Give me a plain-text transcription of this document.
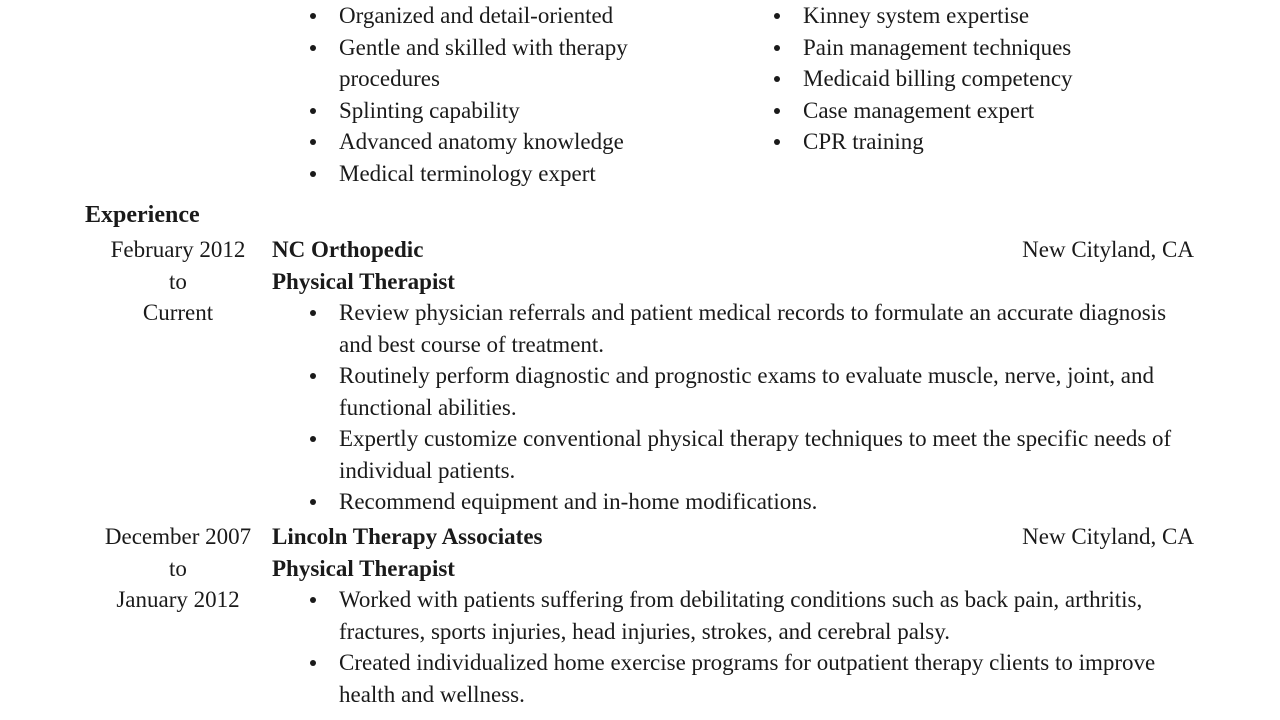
Organized and detail-oriented
Gentle and skilled with therapy procedures
Splinting capability
Advanced anatomy knowledge
Medical terminology expert
Kinney system expertise
Pain management techniques
Medicaid billing competency
Case management expert
CPR training
Experience
February 2012
to
Current
NC Orthopedic	New Cityland, CA
Physical Therapist
Review physician referrals and patient medical records to formulate an accurate diagnosis and best course of treatment.
Routinely perform diagnostic and prognostic exams to evaluate muscle, nerve, joint, and functional abilities.
Expertly customize conventional physical therapy techniques to meet the specific needs of individual patients.
Recommend equipment and in-home modifications.
December 2007
to
January 2012
Lincoln Therapy Associates	New Cityland, CA
Physical Therapist
Worked with patients suffering from debilitating conditions such as back pain, arthritis, fractures, sports injuries, head injuries, strokes, and cerebral palsy.
Created individualized home exercise programs for outpatient therapy clients to improve health and wellness.
